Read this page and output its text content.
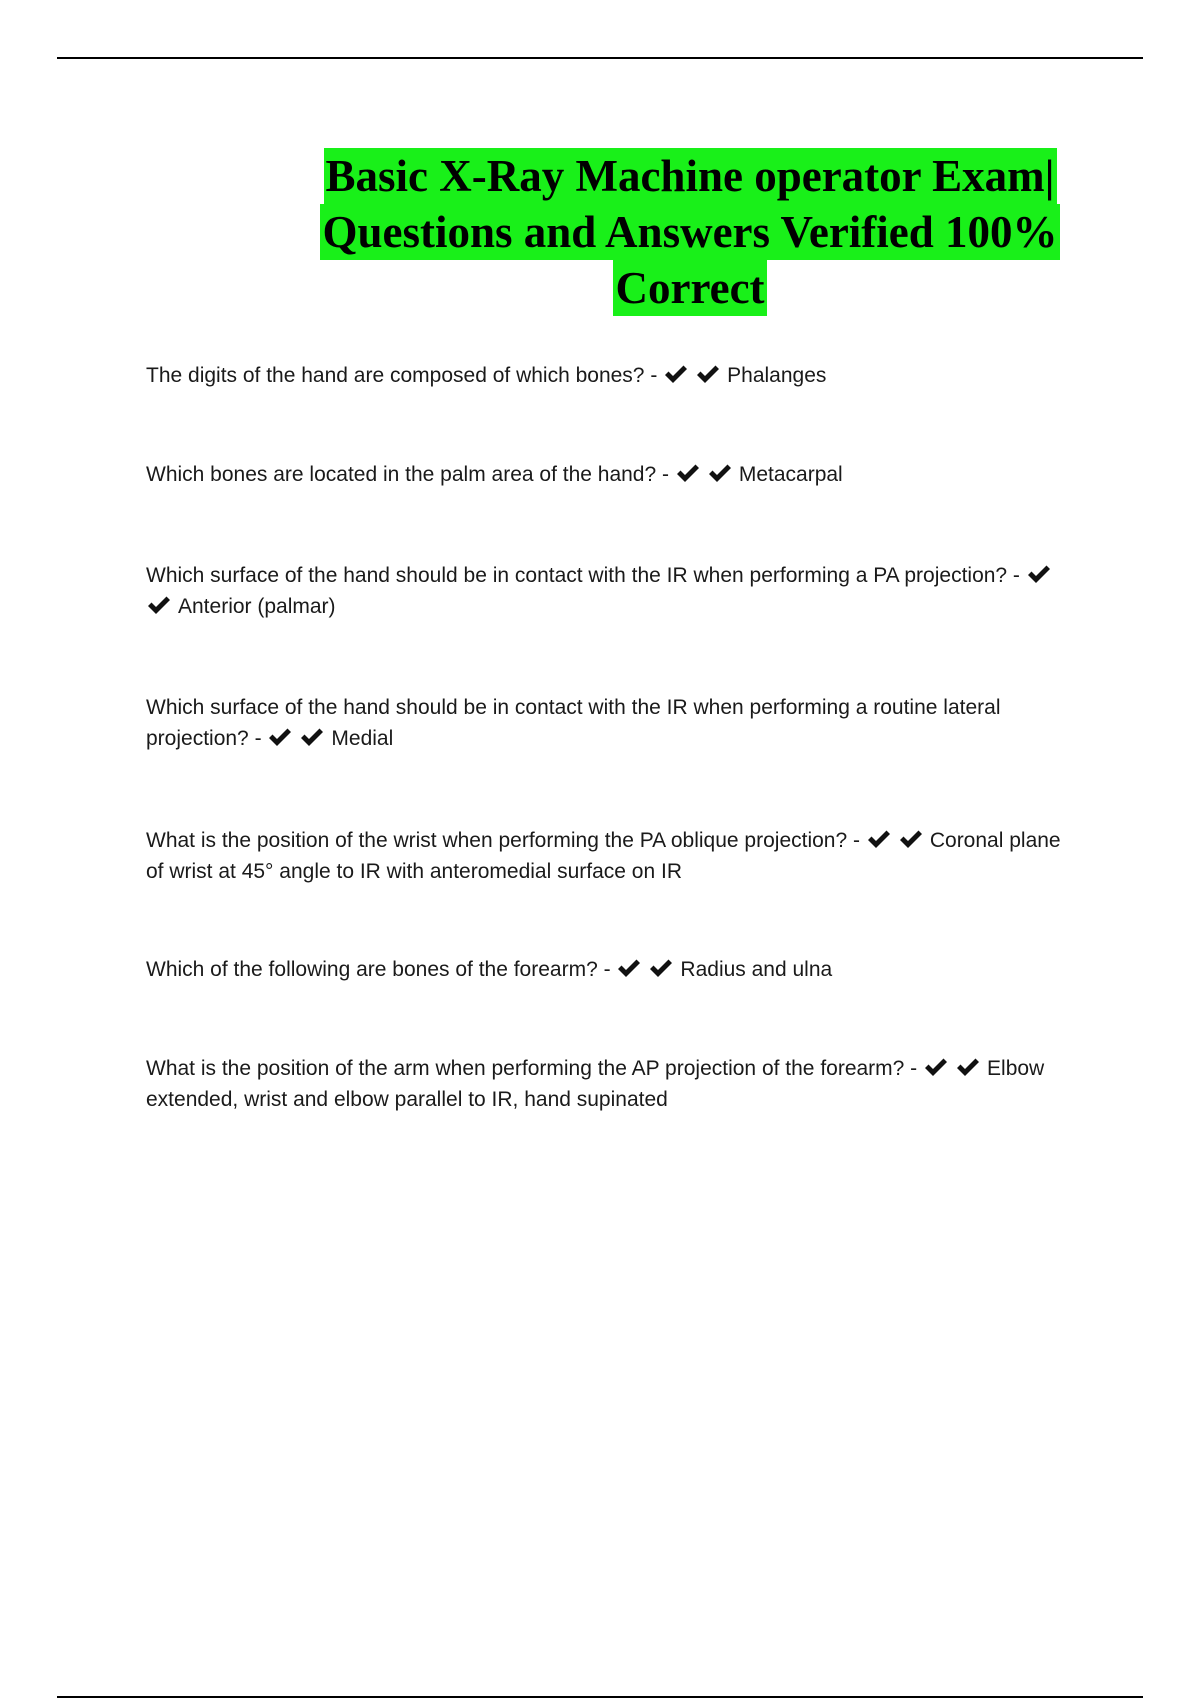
Basic X-Ray Machine operator Exam|
Questions and Answers Verified 100%
Correct
The digits of the hand are composed of which bones? -	Phalanges
Which bones are located in the palm area of the hand? -	Metacarpal
Which surface of the hand should be in contact with the IR when performing a PA projection? -
Anterior (palmar)
Which surface of the hand should be in contact with the IR when performing a routine lateral projection? -	Medial
What is the position of the wrist when performing the PA oblique projection? -	Coronal plane of wrist at 45° angle to IR with anteromedial surface on IR
Which of the following are bones of the forearm? -	Radius and ulna
What is the position of the arm when performing the AP projection of the forearm? -	Elbow extended, wrist and elbow parallel to IR, hand supinated
